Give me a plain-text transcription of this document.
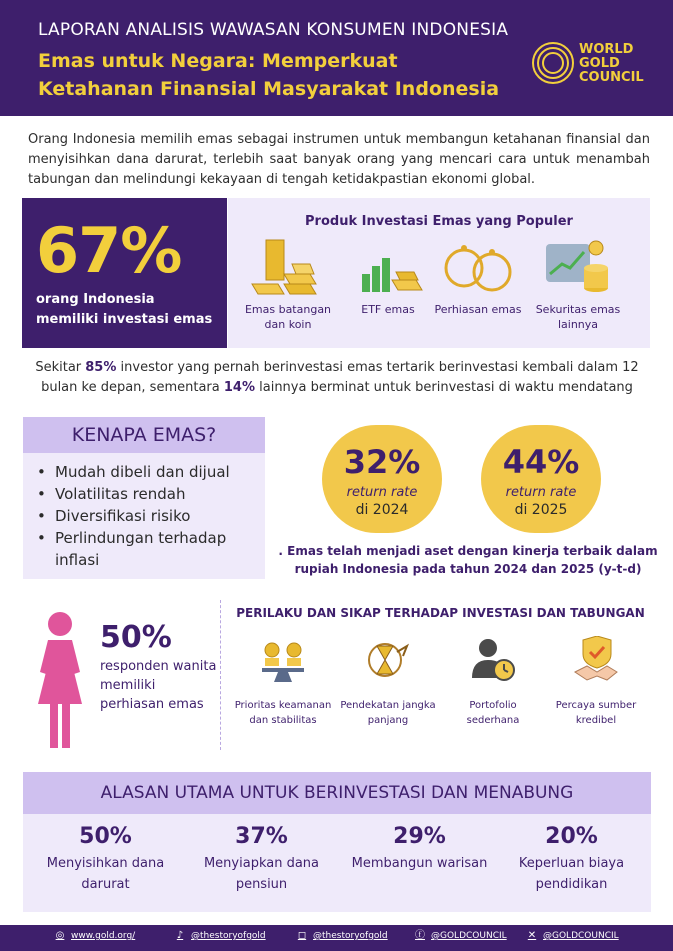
LAPORAN ANALISIS WAWASAN KONSUMEN INDONESIA
Emas untuk Negara: Memperkuat Ketahanan Finansial Masyarakat Indonesia
WORLD
GOLD
COUNCIL
Orang Indonesia memilih emas sebagai instrumen untuk membangun ketahanan finansial dan menyisihkan dana darurat, terlebih saat banyak orang yang mencari cara untuk menambah tabungan dan melindungi kekayaan di tengah ketidakpastian ekonomi global.
67%
orang Indonesia memiliki investasi emas
Produk Investasi Emas yang Populer
Emas batangan dan koin
ETF emas	Perhiasan emas	Sekuritas emas lainnya
Sekitar 85% investor yang pernah berinvestasi emas tertarik berinvestasi kembali dalam 12 bulan ke depan, sementara 14% lainnya berminat untuk berinvestasi di waktu mendatang
KENAPA EMAS?
• Mudah dibeli dan dijual
• Volatilitas rendah
• Diversifikasi risiko
• Perlindungan terhadap inflasi
32%
return rate
di 2024
44%
return rate
di 2025
. Emas telah menjadi aset dengan kinerja terbaik dalam rupiah Indonesia pada tahun 2024 dan 2025 (y-t-d)
50%
responden wanita memiliki perhiasan emas
PERILAKU DAN SIKAP TERHADAP INVESTASI DAN TABUNGAN
Prioritas keamanan dan stabilitas
Pendekatan jangka panjang
Portofolio sederhana
Percaya sumber kredibel
ALASAN UTAMA UNTUK BERINVESTASI DAN MENABUNG
50%
Menyisihkan dana darurat
37%
Menyiapkan dana pensiun
29%
Membangun warisan
20%
Keperluan biaya pendidikan
◎ www.gold.org/	♪ @thestoryofgold	◻ @thestoryofgold	ⓕ @GOLDCOUNCIL ✕ @GOLDCOUNCIL
